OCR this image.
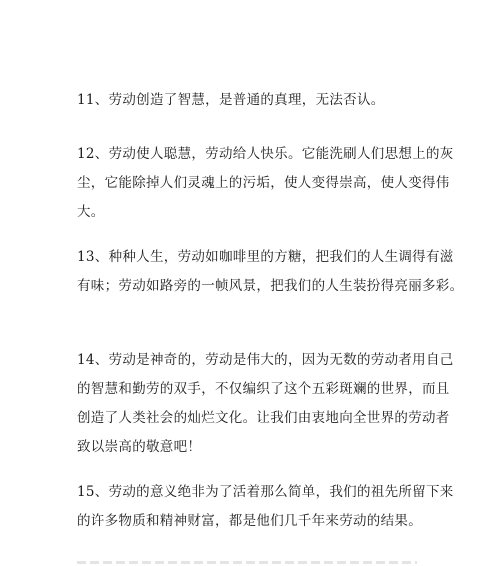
11、劳动创造了智慧，是普通的真理，无法否认。

12、劳动使人聪慧，劳动给人快乐。它能洗刷人们思想上的灰
尘，它能除掉人们灵魂上的污垢，使人变得崇高，使人变得伟
大。

13、种种人生，劳动如咖啡里的方糖，把我们的人生调得有滋
有味；劳动如路旁的一帧风景，把我们的人生装扮得亮丽多彩。

14、劳动是神奇的，劳动是伟大的，因为无数的劳动者用自己
的智慧和勤劳的双手，不仅编织了这个五彩斑斓的世界，而且
创造了人类社会的灿烂文化。让我们由衷地向全世界的劳动者
致以崇高的敬意吧！

15、劳动的意义绝非为了活着那么简单，我们的祖先所留下来
的许多物质和精神财富，都是他们几千年来劳动的结果。
